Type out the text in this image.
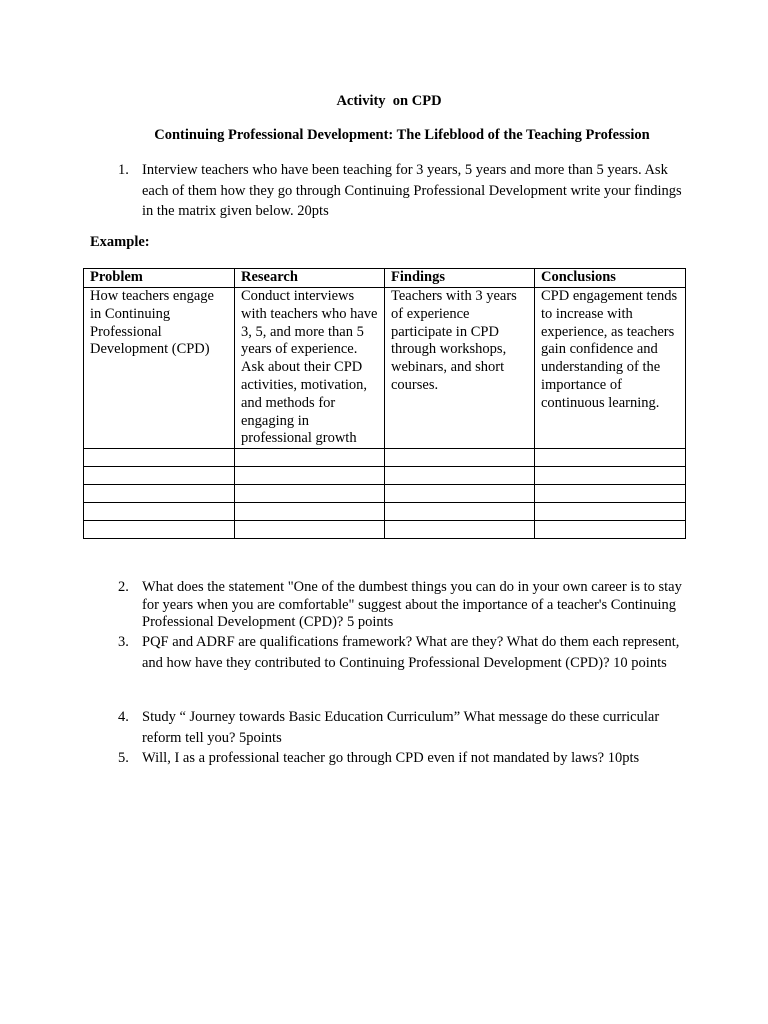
Activity  on CPD
Continuing Professional Development: The Lifeblood of the Teaching Profession
1. Interview teachers who have been teaching for 3 years, 5 years and more than 5 years. Ask each of them how they go through Continuing Professional Development write your findings in the matrix given below. 20pts
Example:
Problem	Research	Findings	Conclusions
How teachers engage in Continuing Professional Development (CPD)	Conduct interviews with teachers who have 3, 5, and more than 5 years of experience. Ask about their CPD activities, motivation, and methods for engaging in professional growth	Teachers with 3 years of experience participate in CPD through workshops, webinars, and short courses.	CPD engagement tends to increase with experience, as teachers gain confidence and understanding of the importance of continuous learning.

2. What does the statement "One of the dumbest things you can do in your own career is to stay for years when you are comfortable" suggest about the importance of a teacher's Continuing Professional Development (CPD)? 5 points
3. PQF and ADRF are qualifications framework? What are they? What do them each represent, and how have they contributed to Continuing Professional Development (CPD)? 10 points
4. Study “ Journey towards Basic Education Curriculum” What message do these curricular reform tell you? 5points
5. Will, I as a professional teacher go through CPD even if not mandated by laws? 10pts
